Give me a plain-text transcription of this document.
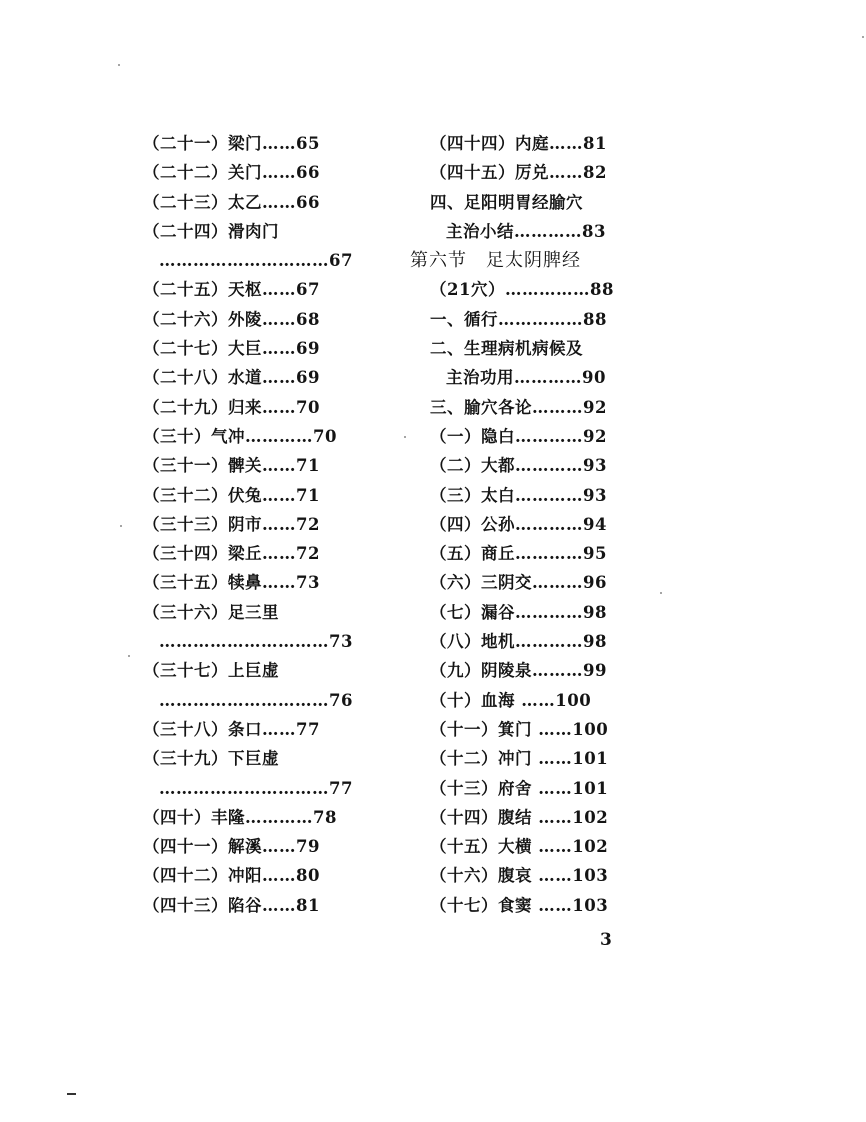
（二十一）梁门……65
（二十二）关门……66
（二十三）太乙……66
（二十四）滑肉门
…………………………67
（二十五）天枢……67
（二十六）外陵……68
（二十七）大巨……69
（二十八）水道……69
（二十九）归来……70
（三十）气冲…………70
（三十一）髀关……71
（三十二）伏兔……71
（三十三）阴市……72
（三十四）梁丘……72
（三十五）犊鼻……73
（三十六）足三里
…………………………73
（三十七）上巨虚
…………………………76
（三十八）条口……77
（三十九）下巨虚
…………………………77
（四十）丰隆…………78
（四十一）解溪……79
（四十二）冲阳……80
（四十三）陷谷……81
（四十四）内庭……81
（四十五）厉兑……82
四、足阳明胃经腧穴
主治小结…………83
第六节　足太阴脾经
（21穴）……………88
一、循行……………88
二、生理病机病候及
主治功用…………90
三、腧穴各论………92
（一）隐白…………92
（二）大都…………93
（三）太白…………93
（四）公孙…………94
（五）商丘…………95
（六）三阴交………96
（七）漏谷…………98
（八）地机…………98
（九）阴陵泉………99
（十）血海 ……100
（十一）箕门 ……100
（十二）冲门 ……101
（十三）府舍 ……101
（十四）腹结 ……102
（十五）大横 ……102
（十六）腹哀 ……103
（十七）食窦 ……103
3
